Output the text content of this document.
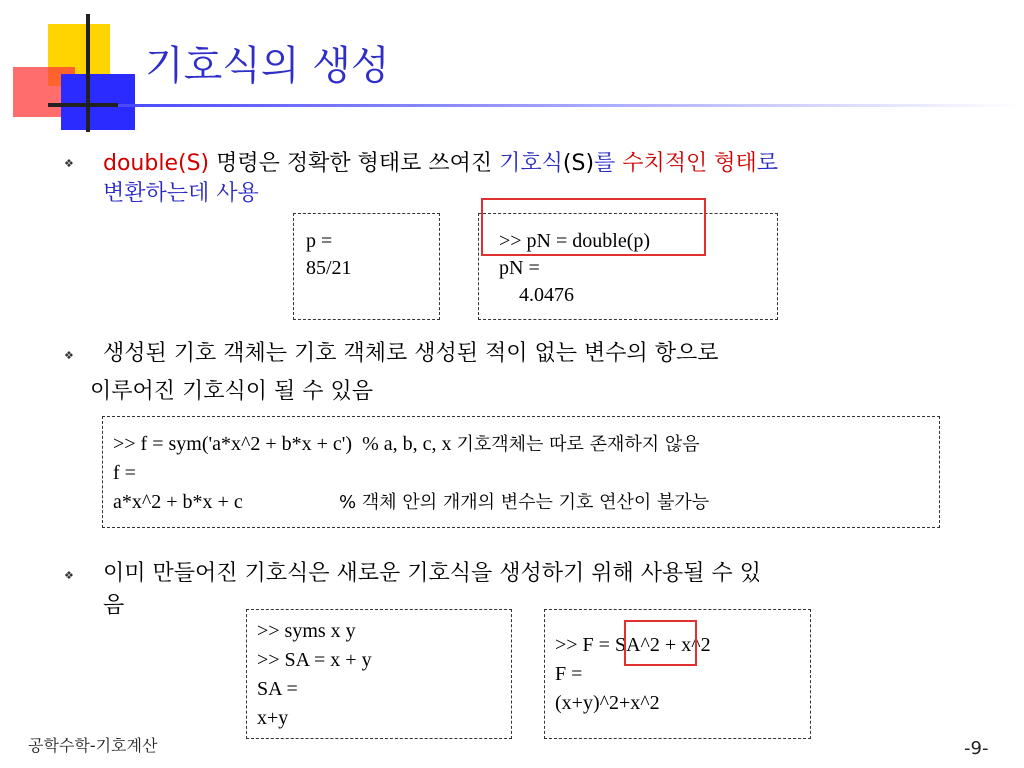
기호식의 생성
❖ double(S) 명령은 정확한 형태로 쓰여진 기호식(S)를 수치적인 형태로
변환하는데 사용
p =
85/21
>> pN = double(p)
pN =
4.0476
❖ 생성된 기호 객체는 기호 객체로 생성된 적이 없는 변수의 항으로
이루어진 기호식이 될 수 있음
>> f = sym('a*x^2 + b*x + c')  % a, b, c, x 기호객체는 따로 존재하지 않음
f =
a*x^2 + b*x + c	% 객체 안의 개개의 변수는 기호 연산이 불가능
❖ 이미 만들어진 기호식은 새로운 기호식을 생성하기 위해 사용될 수 있
음
>> syms x y
>> SA = x + y
SA =
x+y
>> F = SA^2 + x^2
F =
(x+y)^2+x^2
공학수학-기호계산	-9-
